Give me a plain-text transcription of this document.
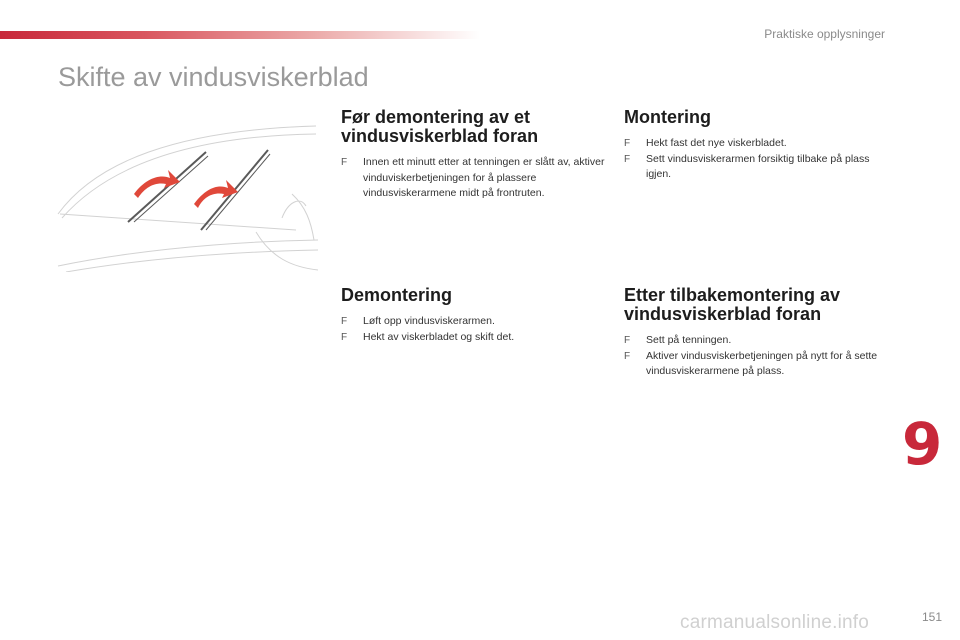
Praktiske opplysninger
Skifte av vindusviskerblad
Før demontering av et
vindusviskerblad foran
F Innen ett minutt etter at tenningen er slått av, aktiver vinduviskerbetjeningen for å plassere vindusviskerarmene midt på frontruten.
Montering
F Hekt fast det nye viskerbladet.
F Sett vindusviskerarmen forsiktig tilbake på plass igjen.
Demontering
F Løft opp vindusviskerarmen.
F Hekt av viskerbladet og skift det.
Etter tilbakemontering av
vindusviskerblad foran
F Sett på tenningen.
F Aktiver vindusviskerbetjeningen på nytt for å sette vindusviskerarmene på plass.
9
carmanualsonline.info	151
